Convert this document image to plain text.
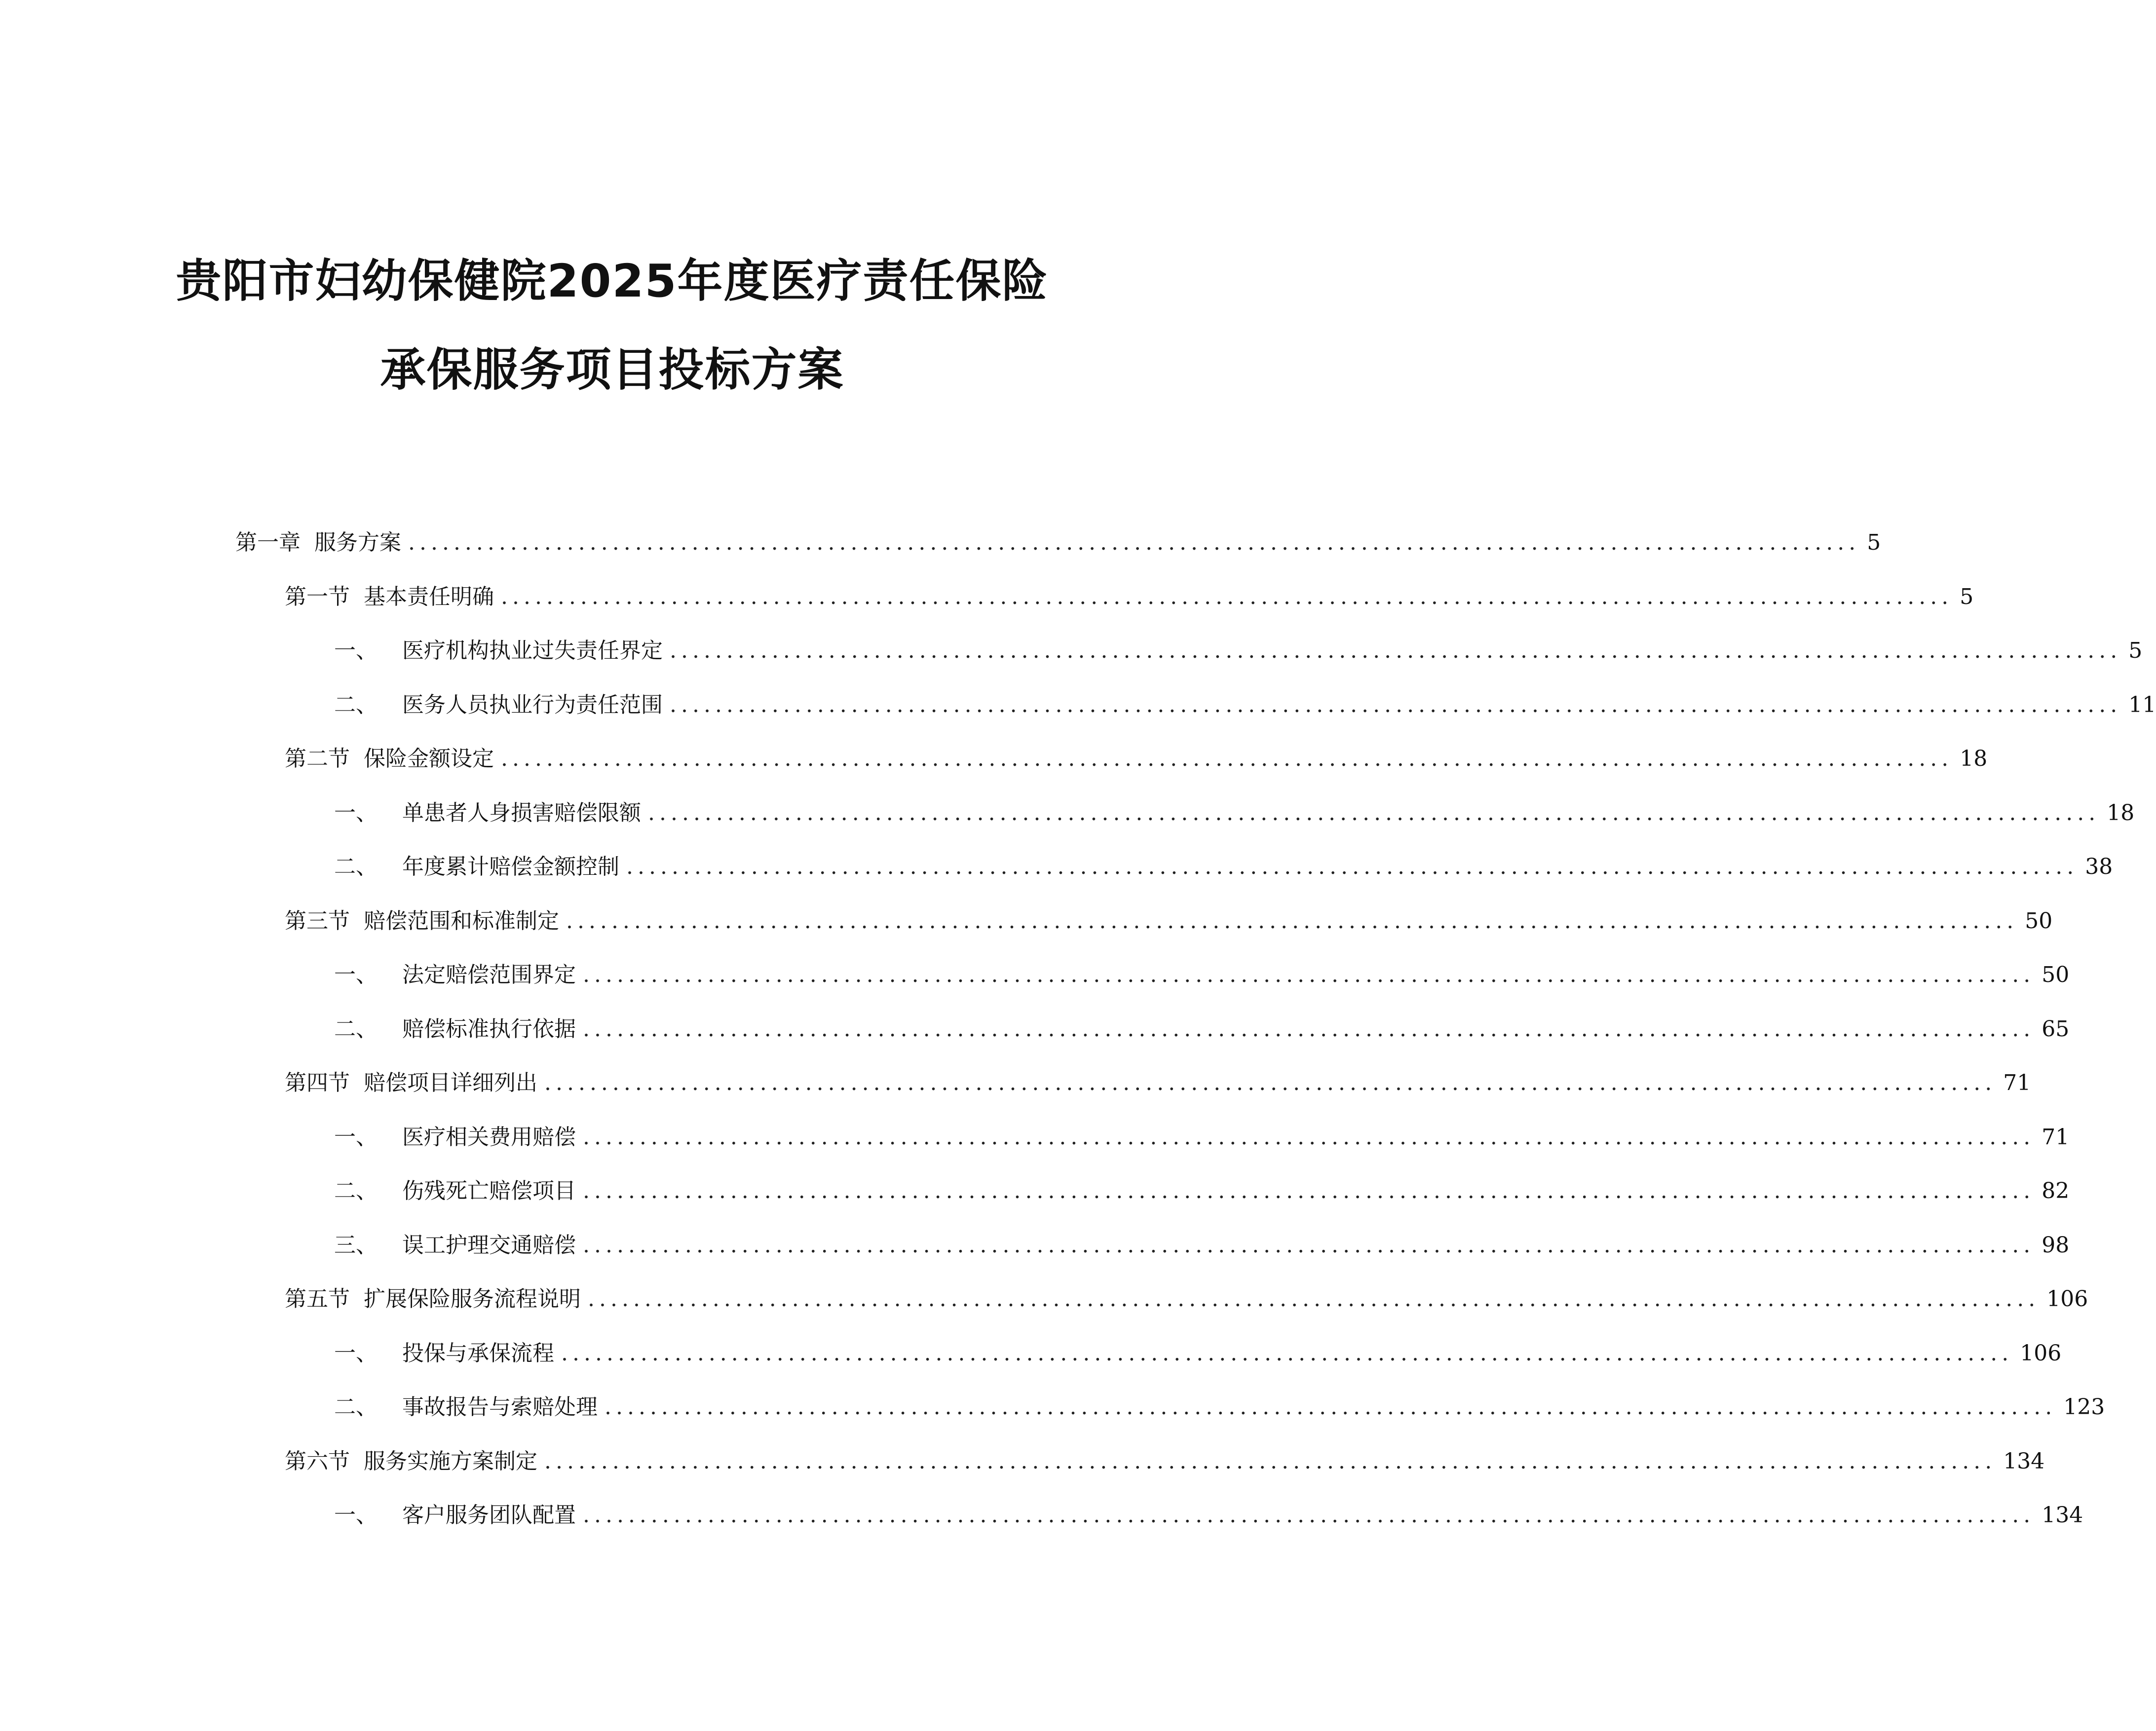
贵阳市妇幼保健院2025年度医疗责任保险
承保服务项目投标方案
第一章 服务方案 ................................................................................................................................ 5
第一节 基本责任明确 ................................................................................................................................ 5
一、 医疗机构执业过失责任界定 ................................................................................................................................ 5
二、 医务人员执业行为责任范围 ................................................................................................................................ 11
第二节 保险金额设定 ................................................................................................................................ 18
一、 单患者人身损害赔偿限额 ................................................................................................................................ 18
二、 年度累计赔偿金额控制 ................................................................................................................................ 38
第三节 赔偿范围和标准制定 ................................................................................................................................ 50
一、 法定赔偿范围界定 ................................................................................................................................ 50
二、 赔偿标准执行依据 ................................................................................................................................ 65
第四节 赔偿项目详细列出 ................................................................................................................................ 71
一、 医疗相关费用赔偿 ................................................................................................................................ 71
二、 伤残死亡赔偿项目 ................................................................................................................................ 82
三、 误工护理交通赔偿 ................................................................................................................................ 98
第五节 扩展保险服务流程说明 ................................................................................................................................ 106
一、 投保与承保流程 ................................................................................................................................ 106
二、 事故报告与索赔处理 ................................................................................................................................ 123
第六节 服务实施方案制定 ................................................................................................................................ 134
一、 客户服务团队配置 ................................................................................................................................ 134
